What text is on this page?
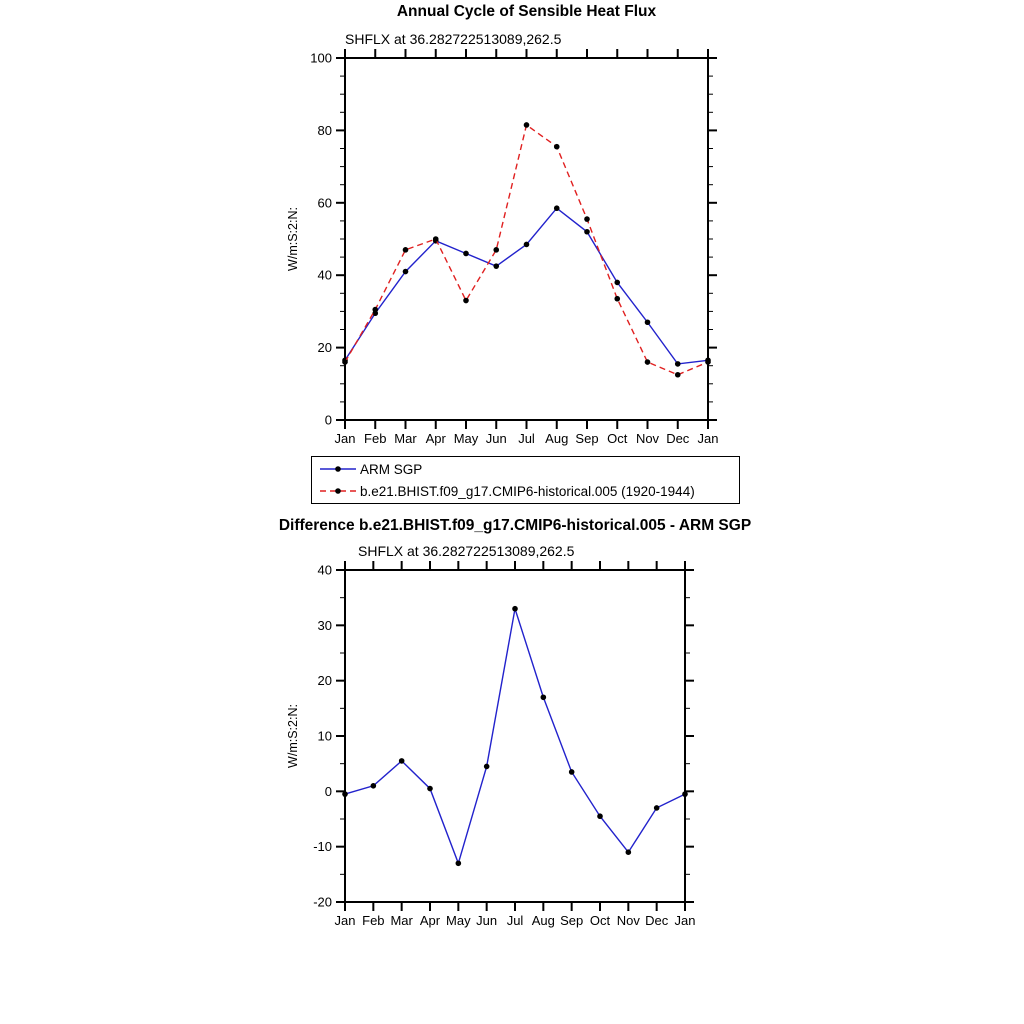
0
20
40
60
80
100
Jan Feb Mar Apr May Jun Jul Aug Sep Oct Nov Dec Jan
W/m:S:2:N:
-20
-10
0
10
20
30
40
Jan Feb Mar Apr May Jun Jul Aug Sep Oct Nov Dec Jan
W/m:S:2:N:
Annual Cycle of Sensible Heat Flux
SHFLX at 36.282722513089,262.5
ARM SGP
b.e21.BHIST.f09_g17.CMIP6-historical.005 (1920-1944)
Difference b.e21.BHIST.f09_g17.CMIP6-historical.005 - ARM SGP
SHFLX at 36.282722513089,262.5
